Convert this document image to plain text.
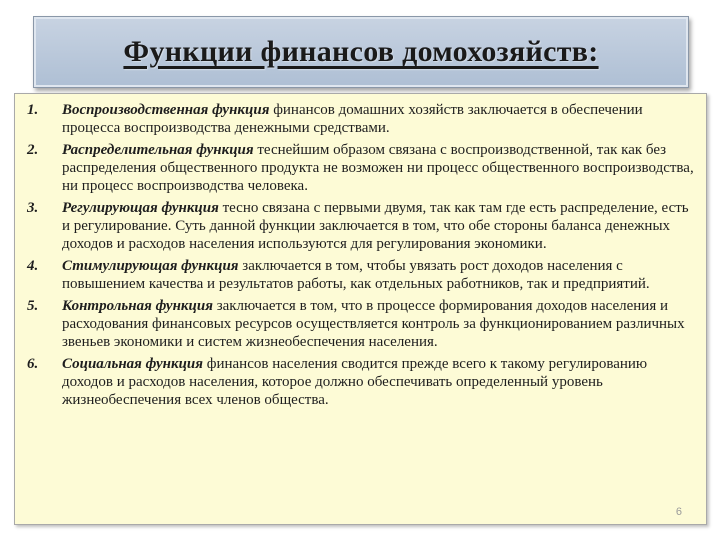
Функции финансов домохозяйств:
1. Воспроизводственная функция финансов домашних хозяйств заключается в обеспечении процесса воспроизводства денежными средствами.
2. Распределительная функция теснейшим образом связана с воспроизводственной, так как без распределения общественного продукта не возможен ни процесс общественного воспроизводства, ни процесс воспроизводства человека.
3. Регулирующая функция тесно связана с первыми двумя, так как там где есть распределение, есть и регулирование. Суть данной функции заключается в том, что обе стороны баланса денежных доходов и расходов населения используются для регулирования экономики.
4. Стимулирующая функция заключается в том, чтобы увязать рост доходов населения с повышением качества и результатов работы, как отдельных работников, так и предприятий.
5. Контрольная функция заключается в том, что в процессе формирования доходов населения и расходования финансовых ресурсов осуществляется контроль за функционированием различных звеньев экономики и систем жизнеобеспечения населения.
6. Социальная функция финансов населения сводится прежде всего к такому регулированию доходов и расходов населения, которое должно обеспечивать определенный уровень жизнеобеспечения всех членов общества.
6
